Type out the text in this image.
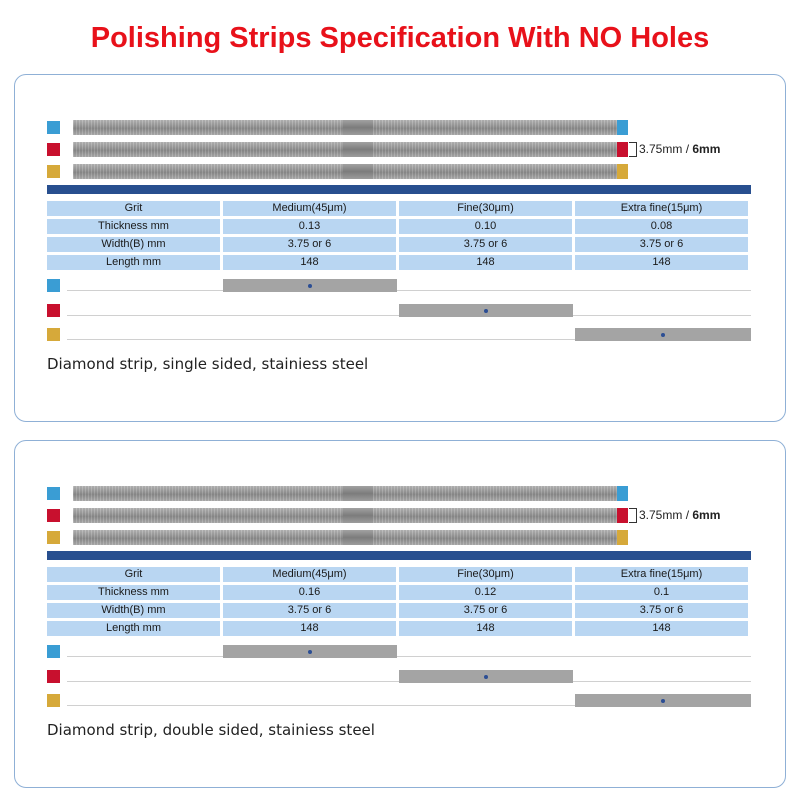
Polishing Strips Specification With NO Holes
3.75mm / 6mm
Grit	Medium(45μm)	Fine(30μm)	Extra fine(15μm)
Thickness mm	0.13	0.10	0.08
Width(B) mm	3.75 or 6	3.75 or 6	3.75 or 6
Length mm	148	148	148
Diamond strip, single sided, stainiess steel
3.75mm / 6mm
Grit	Medium(45μm)	Fine(30μm)	Extra fine(15μm)
Thickness mm	0.16	0.12	0.1
Width(B) mm	3.75 or 6	3.75 or 6	3.75 or 6
Length mm	148	148	148
Diamond strip, double sided, stainiess steel
